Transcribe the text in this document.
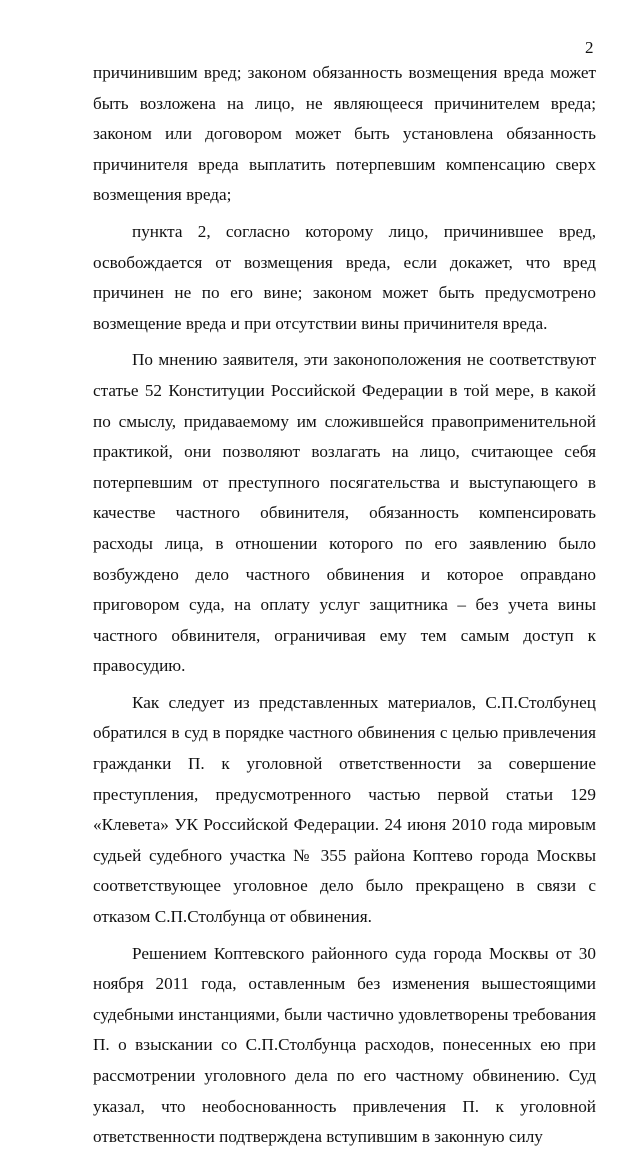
2

причинившим вред; законом обязанность возмещения вреда может быть возложена на лицо, не являющееся причинителем вреда; законом или договором может быть установлена обязанность причинителя вреда выплатить потерпевшим компенсацию сверх возмещения вреда;

пункта 2, согласно которому лицо, причинившее вред, освобождается от возмещения вреда, если докажет, что вред причинен не по его вине; законом может быть предусмотрено возмещение вреда и при отсутствии вины причинителя вреда.

По мнению заявителя, эти законоположения не соответствуют статье 52 Конституции Российской Федерации в той мере, в какой по смыслу, придаваемому им сложившейся правоприменительной практикой, они позволяют возлагать на лицо, считающее себя потерпевшим от преступного посягательства и выступающего в качестве частного обвинителя, обязанность компенсировать расходы лица, в отношении которого по его заявлению было возбуждено дело частного обвинения и которое оправдано приговором суда, на оплату услуг защитника – без учета вины частного обвинителя, ограничивая ему тем самым доступ к правосудию.

Как следует из представленных материалов, С.П.Столбунец обратился в суд в порядке частного обвинения с целью привлечения гражданки П. к уголовной ответственности за совершение преступления, предусмотренного частью первой статьи 129 «Клевета» УК Российской Федерации. 24 июня 2010 года мировым судьей судебного участка № 355 района Коптево города Москвы соответствующее уголовное дело было прекращено в связи с отказом С.П.Столбунца от обвинения.

Решением Коптевского районного суда города Москвы от 30 ноября 2011 года, оставленным без изменения вышестоящими судебными инстанциями, были частично удовлетворены требования П. о взыскании со С.П.Столбунца расходов, понесенных ею при рассмотрении уголовного дела по его частному обвинению. Суд указал, что необоснованность привлечения П. к уголовной ответственности подтверждена вступившим в законную силу
